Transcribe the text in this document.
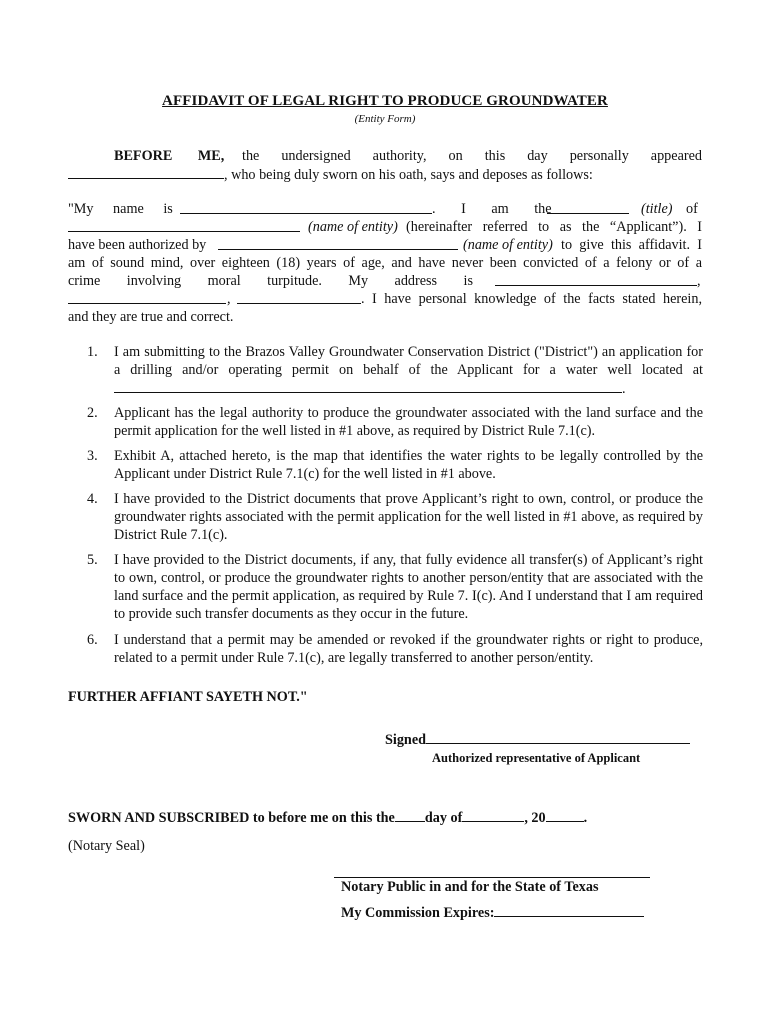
AFFIDAVIT OF LEGAL RIGHT TO PRODUCE GROUNDWATER
(Entity Form)
BEFORE ME, the undersigned authority, on this day personally appeared
, who being duly sworn on his oath, says and deposes as follows:
"My name is	. I am the	(title) of
(name of entity) (hereinafter referred to as the “Applicant”). I
have been authorized by	(name of entity) to give this affidavit. I
am of sound mind, over eighteen (18) years of age, and have never been convicted of a felony or of a
crime involving moral turpitude. My address is	,
,	. I have personal knowledge of the facts stated herein,
and they are true and correct.
1.	I am submitting to the Brazos Valley Groundwater Conservation District ("District") an application for a drilling and/or operating permit on behalf of the Applicant for a water well located at .
2.	Applicant has the legal authority to produce the groundwater associated with the land surface and the permit application for the well listed in #1 above, as required by District Rule 7.1(c).
3.	Exhibit A, attached hereto, is the map that identifies the water rights to be legally controlled by the Applicant under District Rule 7.1(c) for the well listed in #1 above.
4.	I have provided to the District documents that prove Applicant’s right to own, control, or produce the groundwater rights associated with the permit application for the well listed in #1 above, as required by District Rule 7.1(c).
5.	I have provided to the District documents, if any, that fully evidence all transfer(s) of Applicant’s right to own, control, or produce the groundwater rights to another person/entity that are associated with the land surface and the permit application, as required by Rule 7. I(c). And I understand that I am required to provide such transfer documents as they occur in the future.
6.	I understand that a permit may be amended or revoked if the groundwater rights or right to produce, related to a permit under Rule 7.1(c), are legally transferred to another person/entity.
FURTHER AFFIANT SAYETH NOT."
Signed
Authorized representative of Applicant
SWORN AND SUBSCRIBED to before me on this the day of	, 20	.
(Notary Seal)
Notary Public in and for the State of Texas
My Commission Expires:
